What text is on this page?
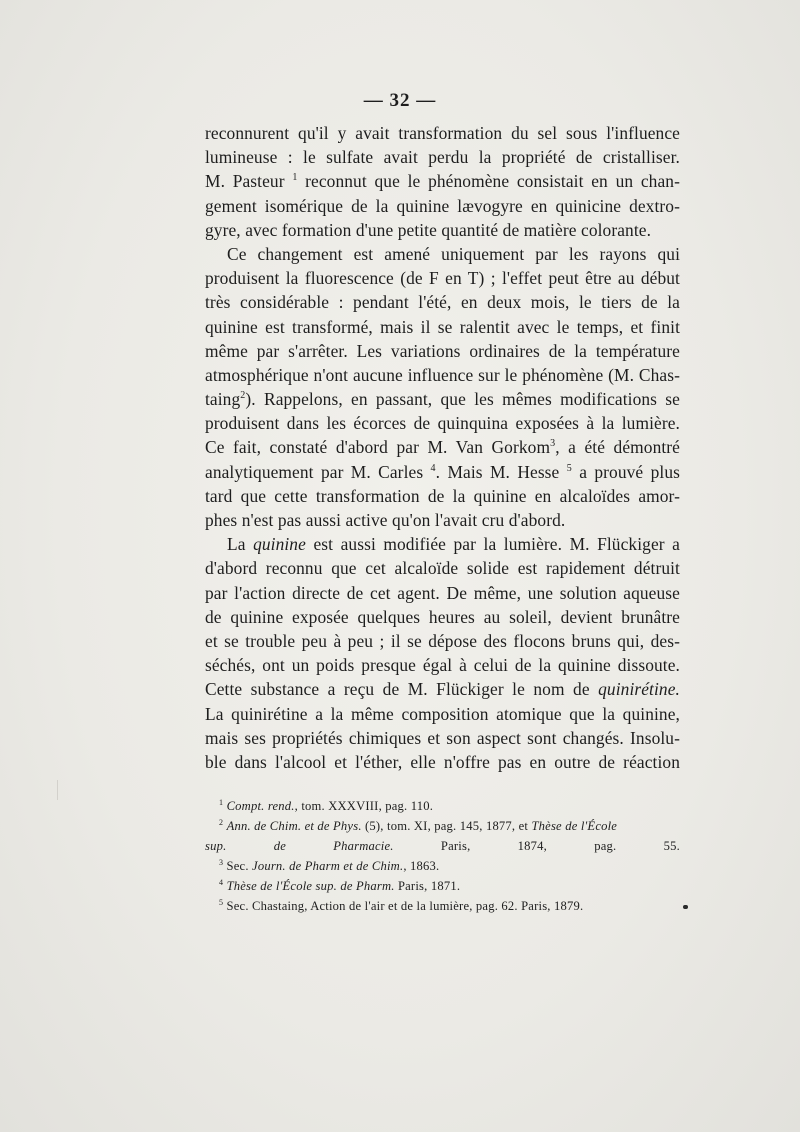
— 32 —
reconnurent qu'il y avait transformation du sel sous l'influence
lumineuse : le sulfate avait perdu la propriété de cristalliser.
M. Pasteur $^1$ reconnut que le phénomène consistait en un chan-
gement isomérique de la quinine lævogyre en quinicine dextro-
gyre, avec formation d'une petite quantité de matière colorante.
Ce changement est amené uniquement par les rayons qui
produisent la fluorescence (de F en T) ; l'effet peut être au début
très considérable : pendant l'été, en deux mois, le tiers de la
quinine est transformé, mais il se ralentit avec le temps, et finit
même par s'arrêter. Les variations ordinaires de la température
atmosphérique n'ont aucune influence sur le phénomène (M. Chas-
taing$^2$). Rappelons, en passant, que les mêmes modifications se
produisent dans les écorces de quinquina exposées à la lumière.
Ce fait, constaté d'abord par M. Van Gorkom$^3$, a été démontré
analytiquement par M. Carles $^4$. Mais M. Hesse $^5$ a prouvé plus
tard que cette transformation de la quinine en alcaloïdes amor-
phes n'est pas aussi active qu'on l'avait cru d'abord.
La quinine est aussi modifiée par la lumière. M. Flückiger a
d'abord reconnu que cet alcaloïde solide est rapidement détruit
par l'action directe de cet agent. De même, une solution aqueuse
de quinine exposée quelques heures au soleil, devient brunâtre
et se trouble peu à peu ; il se dépose des flocons bruns qui, des-
séchés, ont un poids presque égal à celui de la quinine dissoute.
Cette substance a reçu de M. Flückiger le nom de quinirétine.
La quinirétine a la même composition atomique que la quinine,
mais ses propriétés chimiques et son aspect sont changés. Insolu-
ble dans l'alcool et l'éther, elle n'offre pas en outre de réaction
$^1$ Compt. rend., tom. XXXVIII, pag. 110.
$^2$ Ann. de Chim. et de Phys. (5), tom. XI, pag. 145, 1877, et Thèse de l'École
sup. de Pharmacie. Paris, 1874, pag. 55.
$^3$ Sec. Journ. de Pharm et de Chim., 1863.
$^4$ Thèse de l'École sup. de Pharm. Paris, 1871.
$^5$ Sec. Chastaing, Action de l'air et de la lumière, pag. 62. Paris, 1879.
